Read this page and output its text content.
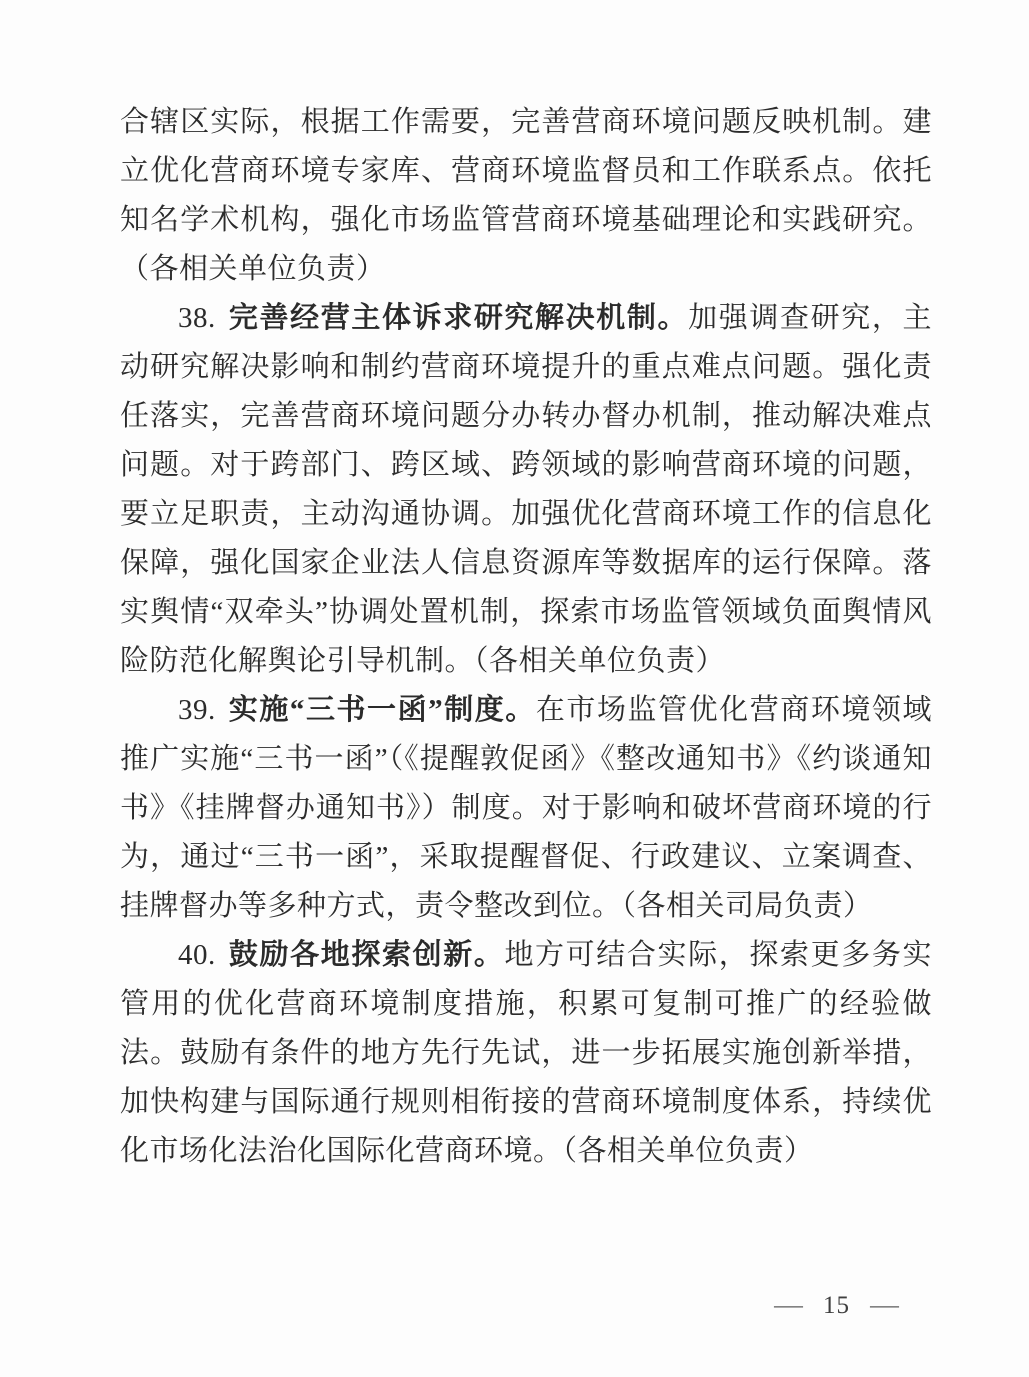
合辖区实际，根据工作需要，完善营商环境问题反映机制。建立优化营商环境专家库、营商环境监督员和工作联系点。依托知名学术机构，强化市场监管营商环境基础理论和实践研究。（各相关单位负责）

38. 完善经营主体诉求研究解决机制。加强调查研究，主动研究解决影响和制约营商环境提升的重点难点问题。强化责任落实，完善营商环境问题分办转办督办机制，推动解决难点问题。对于跨部门、跨区域、跨领域的影响营商环境的问题，要立足职责，主动沟通协调。加强优化营商环境工作的信息化保障，强化国家企业法人信息资源库等数据库的运行保障。落实舆情“双牵头”协调处置机制，探索市场监管领域负面舆情风险防范化解舆论引导机制。（各相关单位负责）

39. 实施“三书一函”制度。在市场监管优化营商环境领域推广实施“三书一函”（《提醒敦促函》《整改通知书》《约谈通知书》《挂牌督办通知书》）制度。对于影响和破坏营商环境的行为，通过“三书一函”，采取提醒督促、行政建议、立案调查、挂牌督办等多种方式，责令整改到位。（各相关司局负责）

40. 鼓励各地探索创新。地方可结合实际，探索更多务实管用的优化营商环境制度措施，积累可复制可推广的经验做法。鼓励有条件的地方先行先试，进一步拓展实施创新举措，加快构建与国际通行规则相衔接的营商环境制度体系，持续优化市场化法治化国际化营商环境。（各相关单位负责）

— 15 —
